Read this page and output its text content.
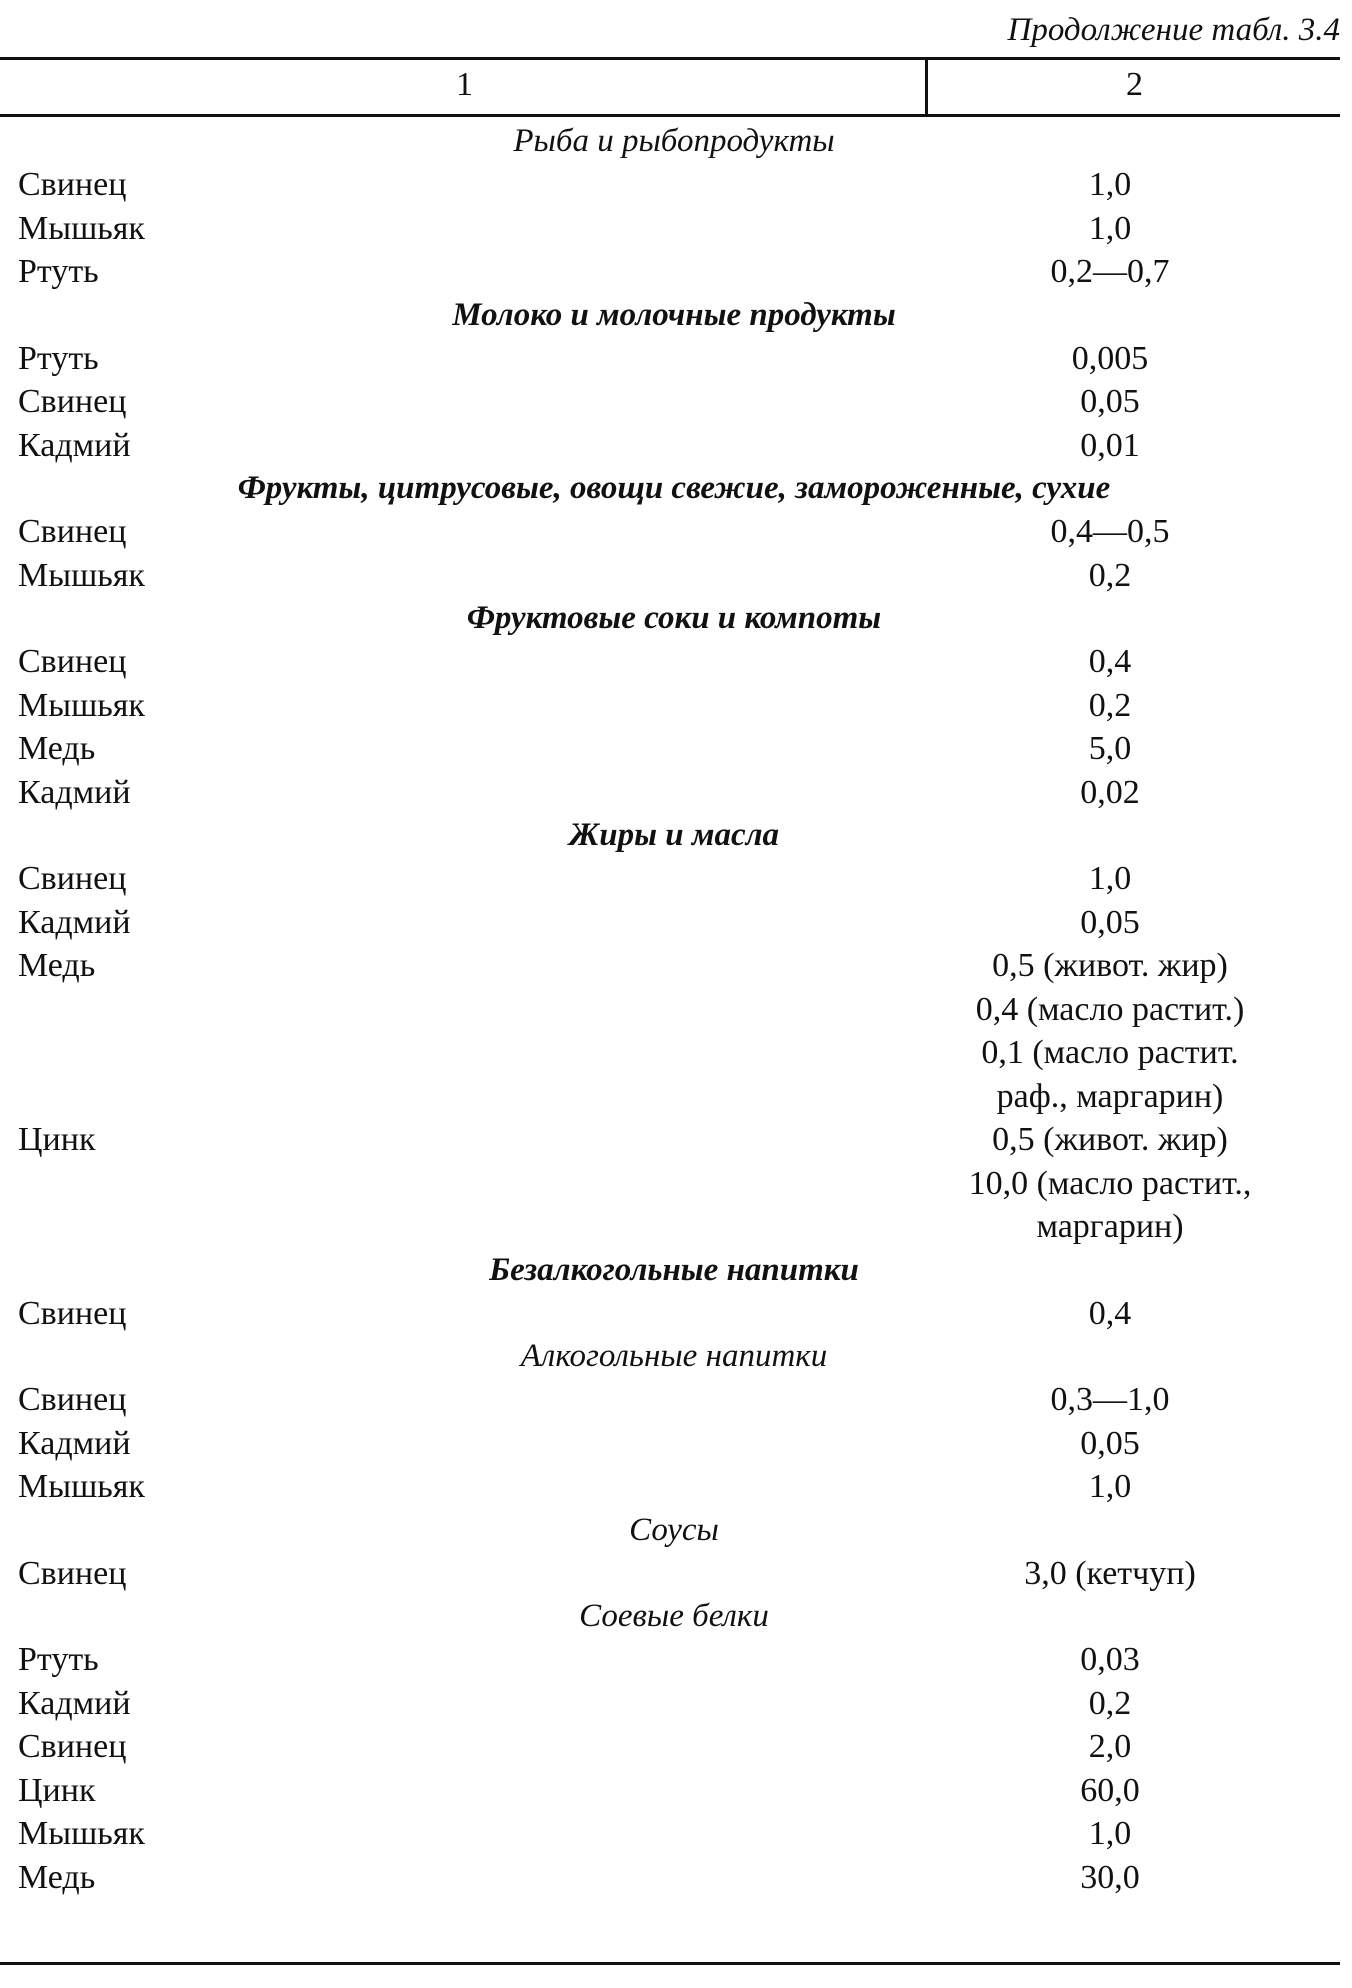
Продолжение табл. 3.4
1	2
Рыба и рыбопродукты
Свинец	1,0
Мышьяк	1,0
Ртуть	0,2—0,7
Молоко и молочные продукты
Ртуть	0,005
Свинец	0,05
Кадмий	0,01
Фрукты, цитрусовые, овощи свежие, замороженные, сухие
Свинец	0,4—0,5
Мышьяк	0,2
Фруктовые соки и компоты
Свинец	0,4
Мышьяк	0,2
Медь	5,0
Кадмий	0,02
Жиры и масла
Свинец	1,0
Кадмий	0,05
Медь	0,5 (живот. жир)
0,4 (масло растит.)
0,1 (масло растит.
раф., маргарин)
Цинк	0,5 (живот. жир)
10,0 (масло растит.,
маргарин)
Безалкогольные напитки
Свинец	0,4
Алкогольные напитки
Свинец	0,3—1,0
Кадмий	0,05
Мышьяк	1,0
Соусы
Свинец	3,0 (кетчуп)
Соевые белки
Ртуть	0,03
Кадмий	0,2
Свинец	2,0
Цинк	60,0
Мышьяк	1,0
Медь	30,0
